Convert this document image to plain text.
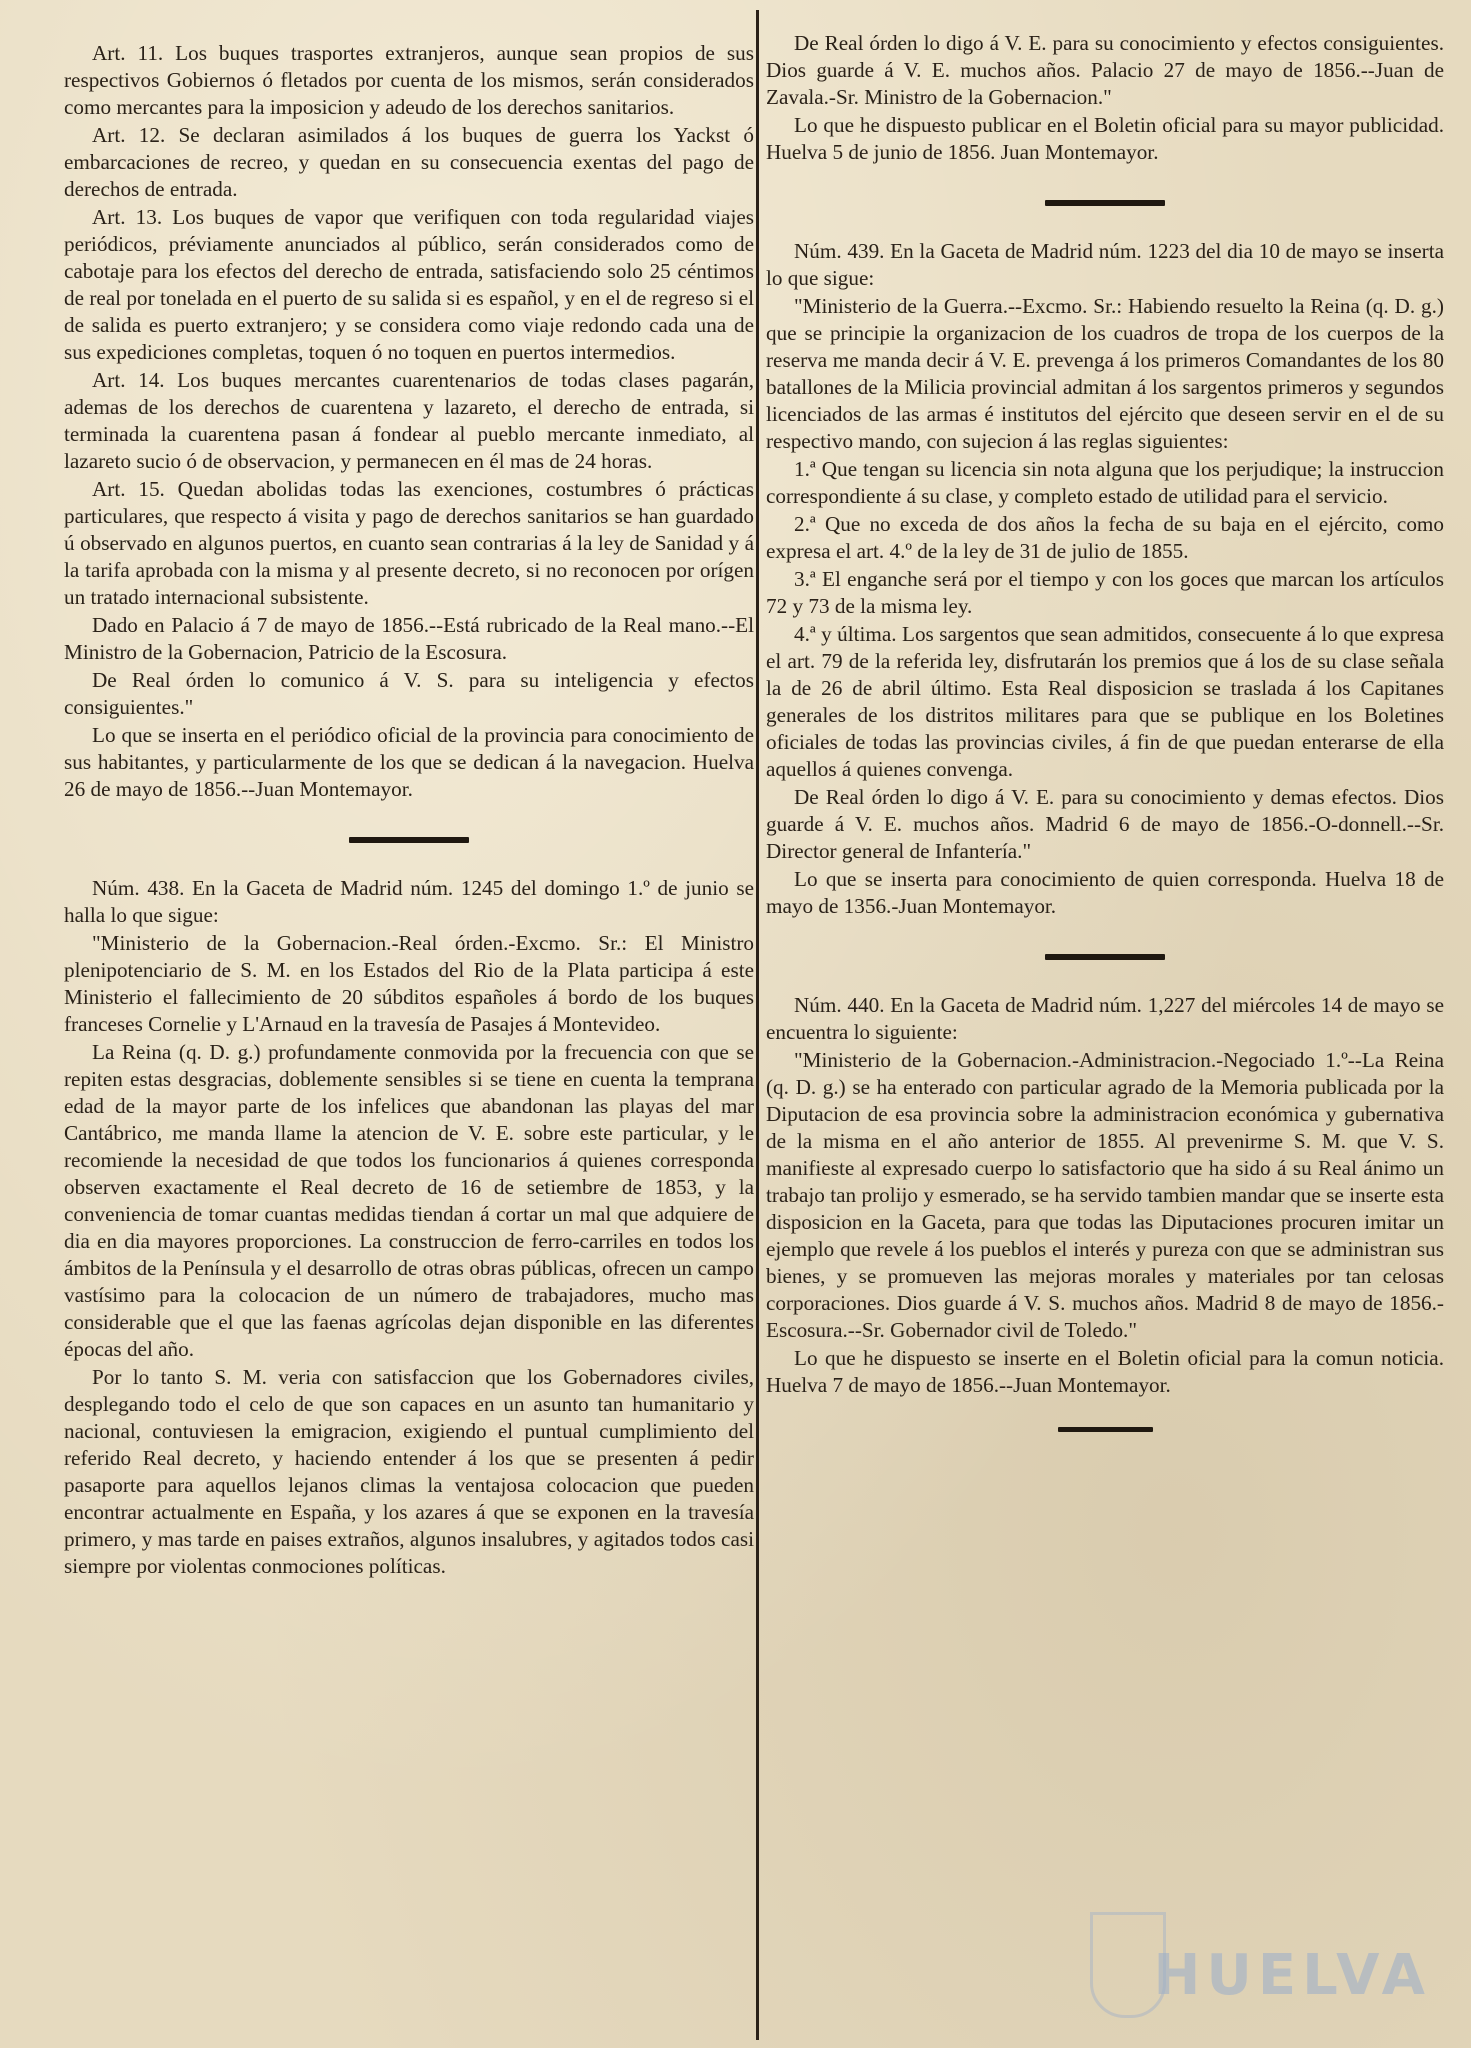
Art. 11. Los buques trasportes extranjeros, aunque sean propios de sus respectivos Gobiernos ó fletados por cuenta de los mismos, serán considerados como mercantes para la imposicion y adeudo de los derechos sanitarios.

Art. 12. Se declaran asimilados á los buques de guerra los Yackst ó embarcaciones de recreo, y quedan en su consecuencia exentas del pago de derechos de entrada.

Art. 13. Los buques de vapor que verifiquen con toda regularidad viajes periódicos, préviamente anunciados al público, serán considerados como de cabotaje para los efectos del derecho de entrada, satisfaciendo solo 25 céntimos de real por tonelada en el puerto de su salida si es español, y en el de regreso si el de salida es puerto extranjero; y se considera como viaje redondo cada una de sus expediciones completas, toquen ó no toquen en puertos intermedios.

Art. 14. Los buques mercantes cuarentenarios de todas clases pagarán, ademas de los derechos de cuarentena y lazareto, el derecho de entrada, si terminada la cuarentena pasan á fondear al pueblo mercante inmediato, al lazareto sucio ó de observacion, y permanecen en él mas de 24 horas.

Art. 15. Quedan abolidas todas las exenciones, costumbres ó prácticas particulares, que respecto á visita y pago de derechos sanitarios se han guardado ú observado en algunos puertos, en cuanto sean contrarias á la ley de Sanidad y á la tarifa aprobada con la misma y al presente decreto, si no reconocen por orígen un tratado internacional subsistente.

Dado en Palacio á 7 de mayo de 1856.--Está rubricado de la Real mano.--El Ministro de la Gobernacion, Patricio de la Escosura.

De Real órden lo comunico á V. S. para su inteligencia y efectos consiguientes."

Lo que se inserta en el periódico oficial de la provincia para conocimiento de sus habitantes, y particularmente de los que se dedican á la navegacion. Huelva 26 de mayo de 1856.--Juan Montemayor.

Núm. 438. En la Gaceta de Madrid núm. 1245 del domingo 1.º de junio se halla lo que sigue:

"Ministerio de la Gobernacion.-Real órden.-Excmo. Sr.: El Ministro plenipotenciario de S. M. en los Estados del Rio de la Plata participa á este Ministerio el fallecimiento de 20 súbditos españoles á bordo de los buques franceses Cornelie y L'Arnaud en la travesía de Pasajes á Montevideo.

La Reina (q. D. g.) profundamente conmovida por la frecuencia con que se repiten estas desgracias, doblemente sensibles si se tiene en cuenta la temprana edad de la mayor parte de los infelices que abandonan las playas del mar Cantábrico, me manda llame la atencion de V. E. sobre este particular, y le recomiende la necesidad de que todos los funcionarios á quienes corresponda observen exactamente el Real decreto de 16 de setiembre de 1853, y la conveniencia de tomar cuantas medidas tiendan á cortar un mal que adquiere de dia en dia mayores proporciones. La construccion de ferro-carriles en todos los ámbitos de la Península y el desarrollo de otras obras públicas, ofrecen un campo vastísimo para la colocacion de un número de trabajadores, mucho mas considerable que el que las faenas agrícolas dejan disponible en las diferentes épocas del año.

Por lo tanto S. M. veria con satisfaccion que los Gobernadores civiles, desplegando todo el celo de que son capaces en un asunto tan humanitario y nacional, contuviesen la emigracion, exigiendo el puntual cumplimiento del referido Real decreto, y haciendo entender á los que se presenten á pedir pasaporte para aquellos lejanos climas la ventajosa colocacion que pueden encontrar actualmente en España, y los azares á que se exponen en la travesía primero, y mas tarde en paises extraños, algunos insalubres, y agitados todos casi siempre por violentas conmociones políticas.

De Real órden lo digo á V. E. para su conocimiento y efectos consiguientes. Dios guarde á V. E. muchos años. Palacio 27 de mayo de 1856.--Juan de Zavala.-Sr. Ministro de la Gobernacion."

Lo que he dispuesto publicar en el Boletin oficial para su mayor publicidad. Huelva 5 de junio de 1856. Juan Montemayor.

Núm. 439. En la Gaceta de Madrid núm. 1223 del dia 10 de mayo se inserta lo que sigue:

"Ministerio de la Guerra.--Excmo. Sr.: Habiendo resuelto la Reina (q. D. g.) que se principie la organizacion de los cuadros de tropa de los cuerpos de la reserva me manda decir á V. E. prevenga á los primeros Comandantes de los 80 batallones de la Milicia provincial admitan á los sargentos primeros y segundos licenciados de las armas é institutos del ejército que deseen servir en el de su respectivo mando, con sujecion á las reglas siguientes:

1.ª Que tengan su licencia sin nota alguna que los perjudique; la instruccion correspondiente á su clase, y completo estado de utilidad para el servicio.

2.ª Que no exceda de dos años la fecha de su baja en el ejército, como expresa el art. 4.º de la ley de 31 de julio de 1855.

3.ª El enganche será por el tiempo y con los goces que marcan los artículos 72 y 73 de la misma ley.

4.ª y última. Los sargentos que sean admitidos, consecuente á lo que expresa el art. 79 de la referida ley, disfrutarán los premios que á los de su clase señala la de 26 de abril último. Esta Real disposicion se traslada á los Capitanes generales de los distritos militares para que se publique en los Boletines oficiales de todas las provincias civiles, á fin de que puedan enterarse de ella aquellos á quienes convenga.

De Real órden lo digo á V. E. para su conocimiento y demas efectos. Dios guarde á V. E. muchos años. Madrid 6 de mayo de 1856.-O-donnell.--Sr. Director general de Infantería."

Lo que se inserta para conocimiento de quien corresponda. Huelva 18 de mayo de 1356.-Juan Montemayor.

Núm. 440. En la Gaceta de Madrid núm. 1,227 del miércoles 14 de mayo se encuentra lo siguiente:

"Ministerio de la Gobernacion.-Administracion.-Negociado 1.º--La Reina (q. D. g.) se ha enterado con particular agrado de la Memoria publicada por la Diputacion de esa provincia sobre la administracion económica y gubernativa de la misma en el año anterior de 1855. Al prevenirme S. M. que V. S. manifieste al expresado cuerpo lo satisfactorio que ha sido á su Real ánimo un trabajo tan prolijo y esmerado, se ha servido tambien mandar que se inserte esta disposicion en la Gaceta, para que todas las Diputaciones procuren imitar un ejemplo que revele á los pueblos el interés y pureza con que se administran sus bienes, y se promueven las mejoras morales y materiales por tan celosas corporaciones. Dios guarde á V. S. muchos años. Madrid 8 de mayo de 1856.-Escosura.--Sr. Gobernador civil de Toledo."

Lo que he dispuesto se inserte en el Boletin oficial para la comun noticia. Huelva 7 de mayo de 1856.--Juan Montemayor.

HUELVA
